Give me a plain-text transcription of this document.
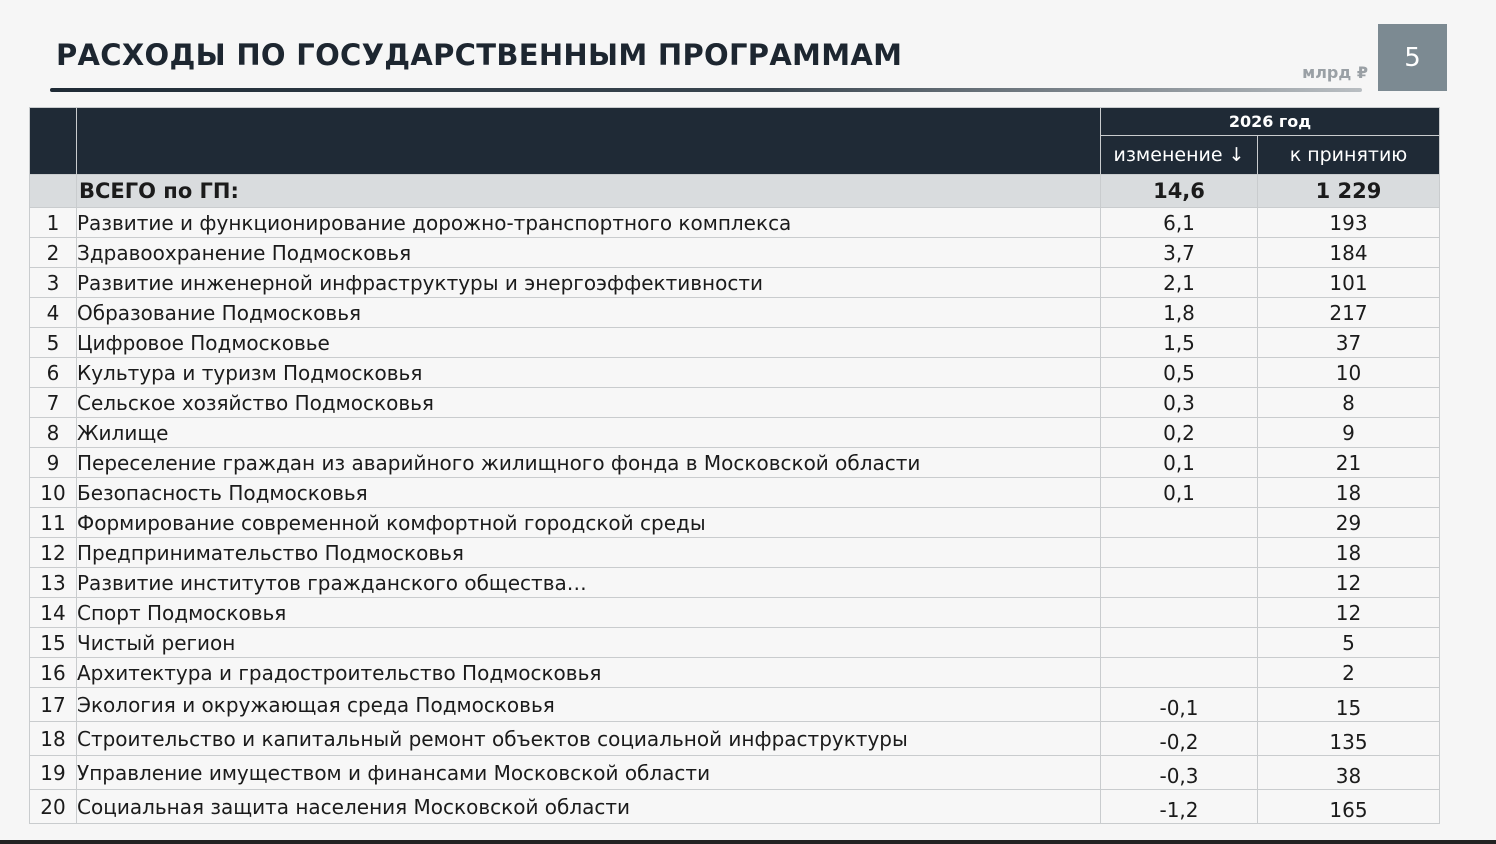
РАСХОДЫ ПО ГОСУДАРСТВЕННЫМ ПРОГРАММАМ
млрд ₽	5
		2026 год	
		изменение ↓	к принятию
	ВСЕГО по ГП:	14,6	1 229
1	Развитие и функционирование дорожно-транспортного комплекса	6,1	193
2	Здравоохранение Подмосковья	3,7	184
3	Развитие инженерной инфраструктуры и энергоэффективности	2,1	101
4	Образование Подмосковья	1,8	217
5	Цифровое Подмосковье	1,5	37
6	Культура и туризм Подмосковья	0,5	10
7	Сельское хозяйство Подмосковья	0,3	8
8	Жилище	0,2	9
9	Переселение граждан из аварийного жилищного фонда в Московской области	0,1	21
10	Безопасность Подмосковья	0,1	18
11	Формирование современной комфортной городской среды		29
12	Предпринимательство Подмосковья		18
13	Развитие институтов гражданского общества…		12
14	Спорт Подмосковья		12
15	Чистый регион		5
16	Архитектура и градостроительство Подмосковья		2
17	Экология и окружающая среда Подмосковья	-0,1	15
18	Строительство и капитальный ремонт объектов социальной инфраструктуры	-0,2	135
19	Управление имуществом и финансами Московской области	-0,3	38
20	Социальная защита населения Московской области	-1,2	165
